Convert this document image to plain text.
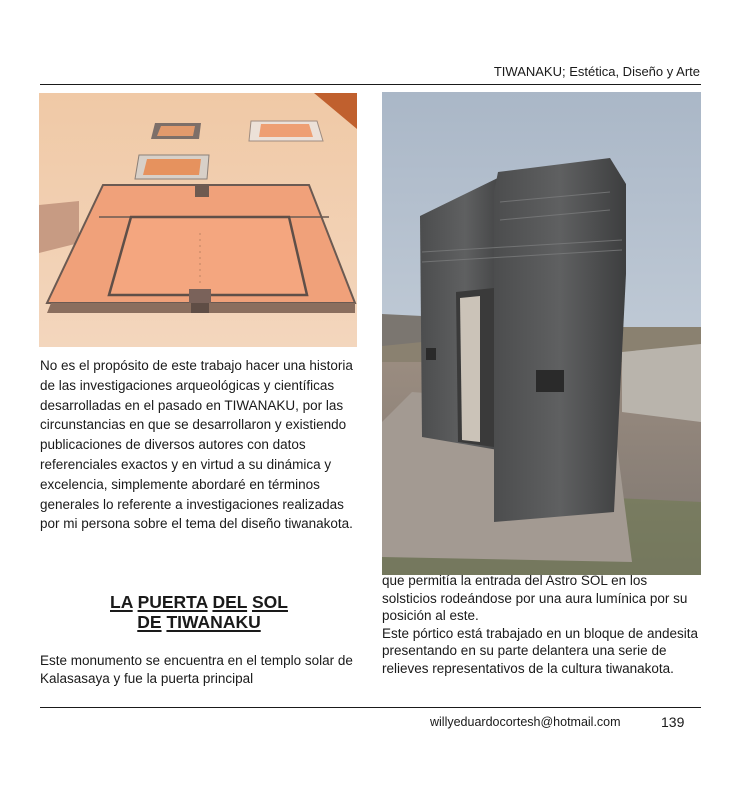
TIWANAKU; Estética, Diseño y Arte

No es el propósito de este trabajo hacer una historia de las investigaciones arqueológicas y científicas desarrolladas en el pasado en TIWANAKU, por las circunstancias en que se desarrollaron y existiendo publicaciones de diversos autores con datos referenciales exactos y en virtud a su dinámica y excelencia, simplemente abordaré en términos generales lo referente a investigaciones realizadas por mi persona sobre el tema del diseño tiwanakota.

LA PUERTA DEL SOL
DE TIWANAKU

Este monumento se encuentra en el templo solar de Kalasasaya y fue la puerta principal

que permitía la entrada del Astro SOL en los solsticios rodeándose por una aura lumínica por su posición al este.
Este pórtico está trabajado en un bloque de andesita presentando en su parte delantera una serie de relieves representativos de la cultura tiwanakota.
willyeduardocortesh@hotmail.com	139
